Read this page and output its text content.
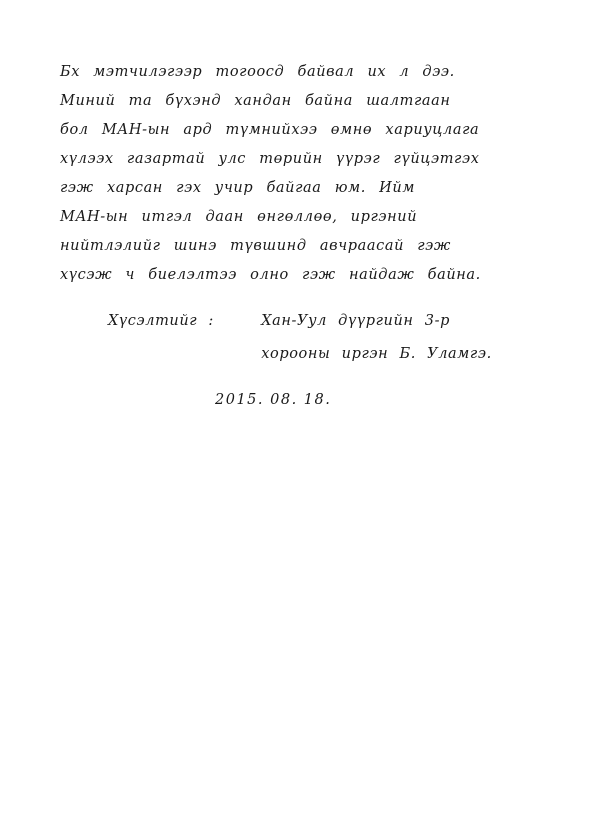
Бх мэтчилэгээр тогоосд байвал их л дээ.
Миний та бүхэнд хандан байна шалтгаан
бол МАН-ын ард түмнийхээ өмнө хариуцлага
хүлээх газартай улс төрийн үүрэг гүйцэтгэх
гэж харсан гэх учир байгаа юм. Ийм
МАН-ын итгэл даан өнгөллөө, иргэний
нийтлэлийг шинэ түвшинд авчраасай гэж
хүсэж ч биелэлтээ олно гэж найдаж байна.
Хүсэлтийг :	Хан-Уул дүүргийн 3-р
хорооны иргэн Б. Уламгэ.
2015. 08. 18.
